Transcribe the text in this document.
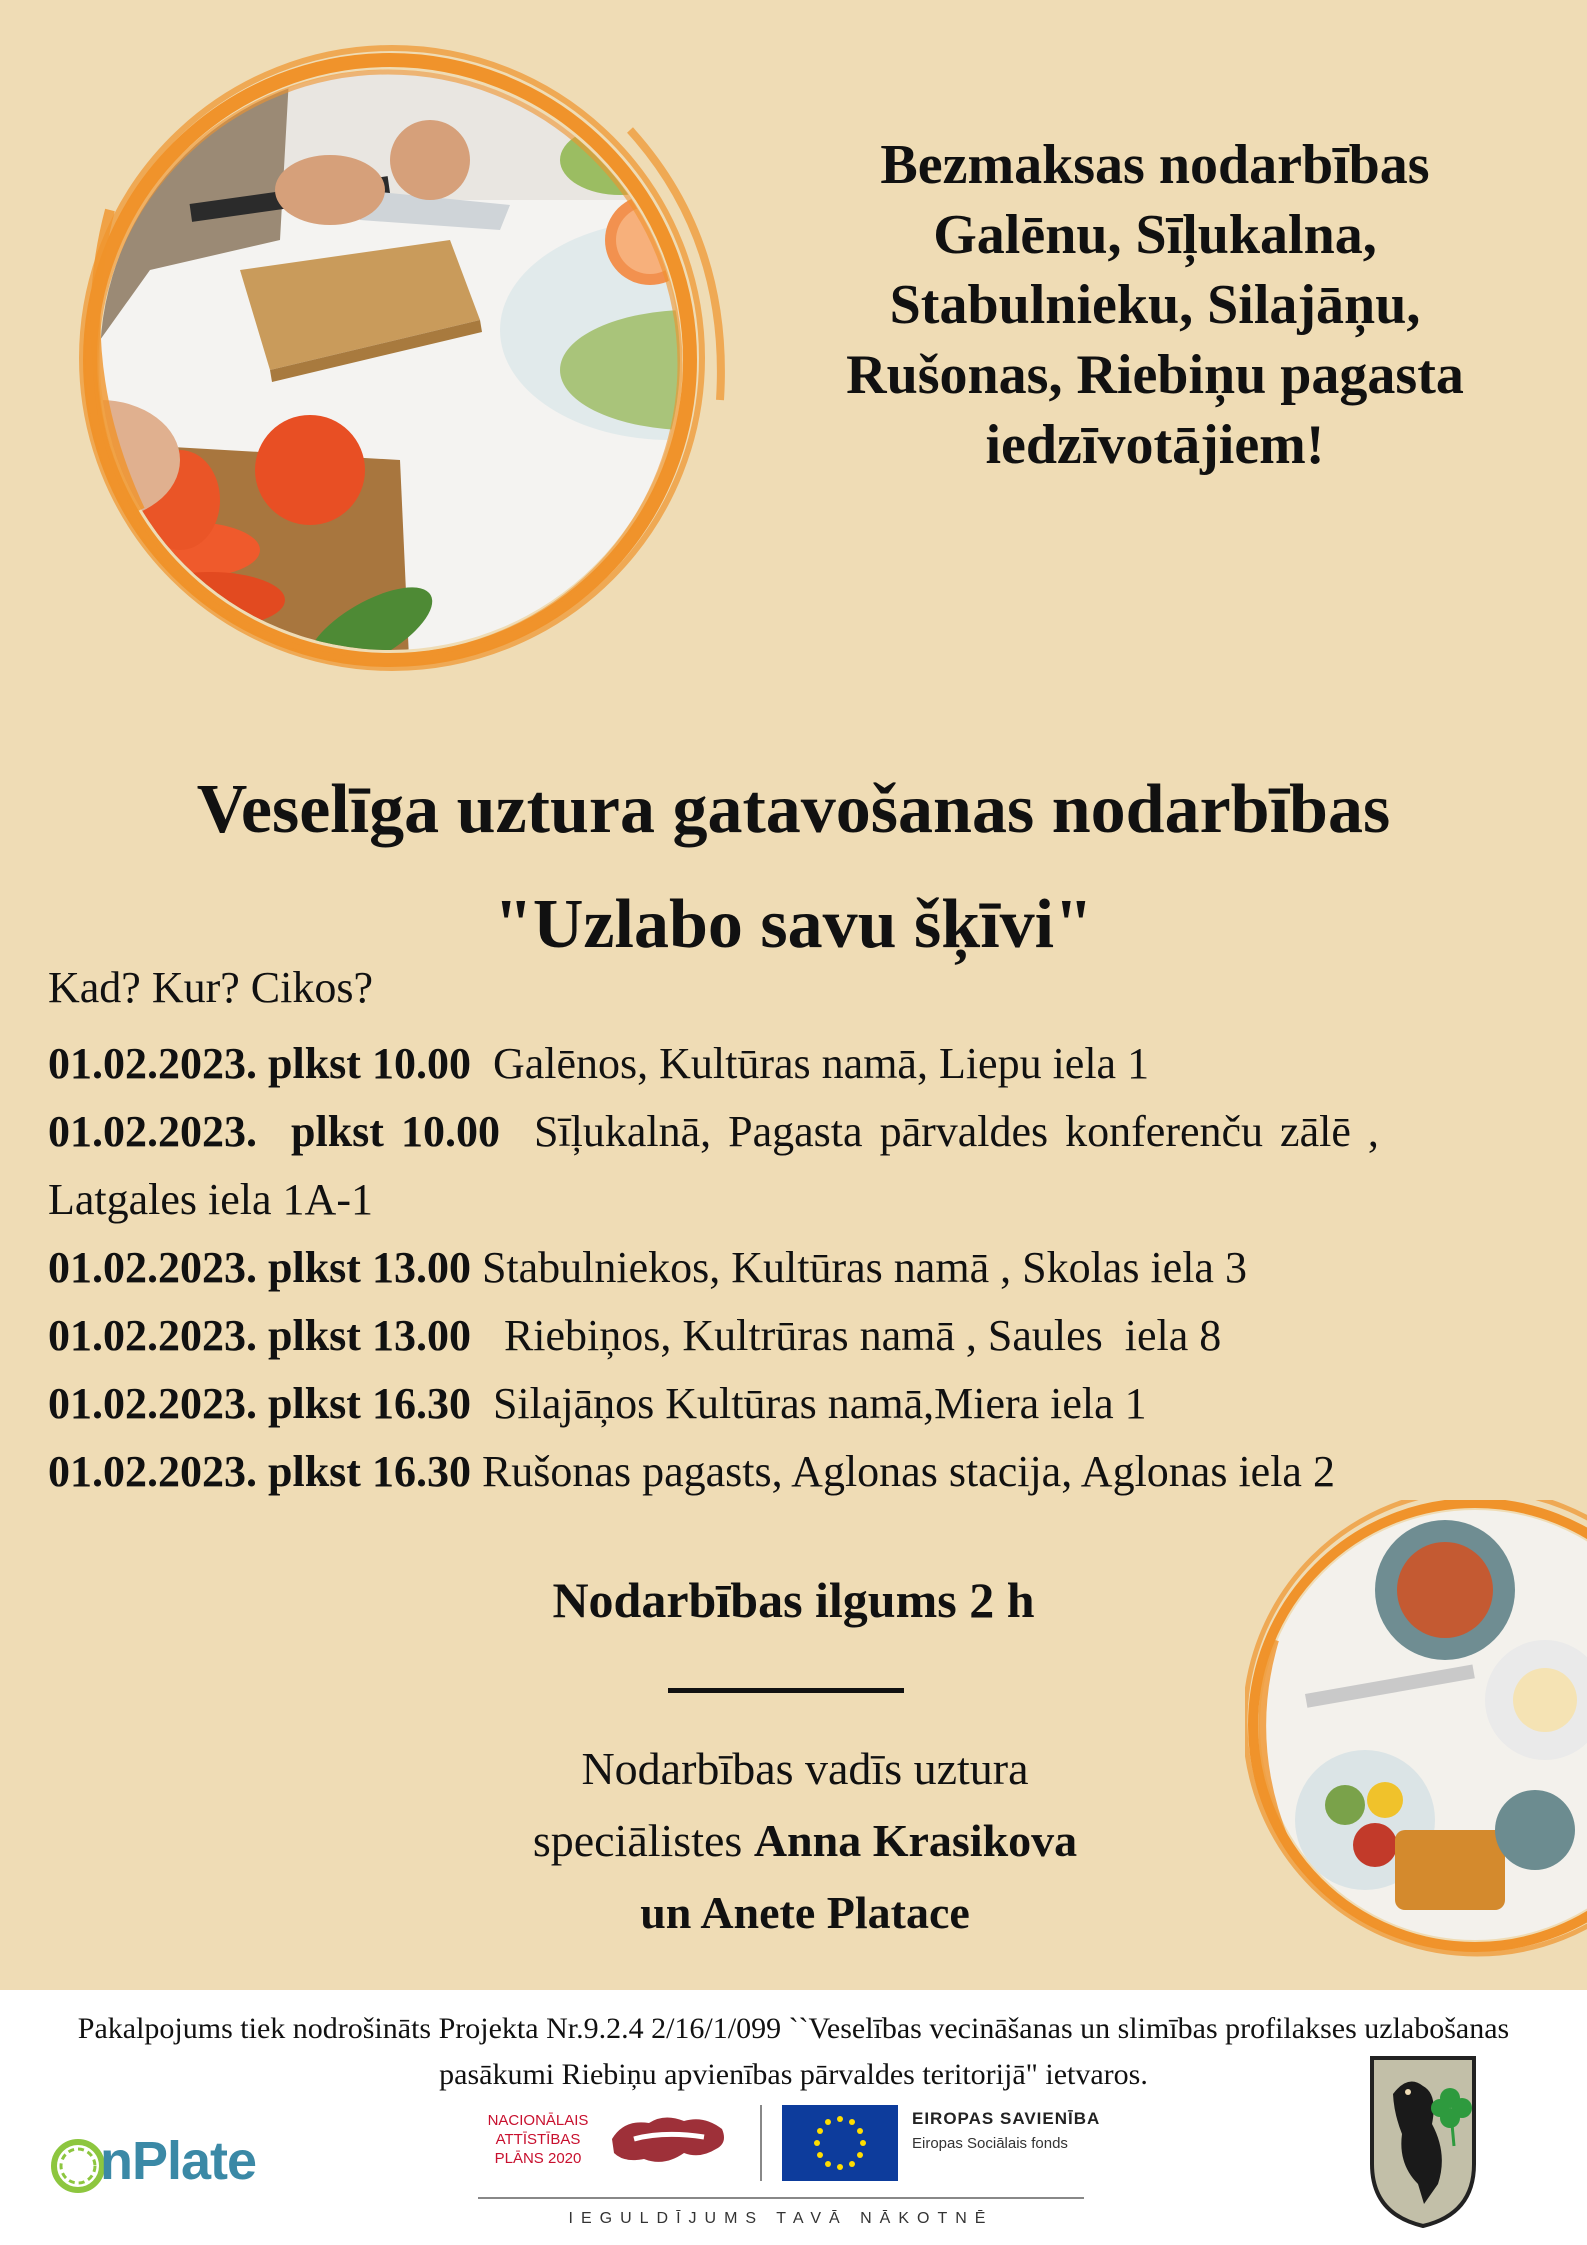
Bezmaksas nodarbības
Galēnu, Sīļukalna,
Stabulnieku, Silajāņu,
Rušonas, Riebiņu pagasta
iedzīvotājiem!
Veselīga uztura gatavošanas nodarbības
"Uzlabo savu šķīvi"
Kad? Kur? Cikos?
01.02.2023. plkst 10.00  Galēnos, Kultūras namā, Liepu iela 1
01.02.2023.  plkst 10.00  Sīļukalnā, Pagasta pārvaldes konferenču zālē ,
Latgales iela 1A-1
01.02.2023. plkst 13.00 Stabulniekos, Kultūras namā , Skolas iela 3
01.02.2023. plkst 13.00   Riebiņos, Kultrūras namā , Saules  iela 8
01.02.2023. plkst 16.30  Silajāņos Kultūras namā,Miera iela 1
01.02.2023. plkst 16.30 Rušonas pagasts, Aglonas stacija, Aglonas iela 2
Nodarbības ilgums 2 h
Nodarbības vadīs uztura
speciālistes Anna Krasikova
un Anete Platace
Pakalpojums tiek nodrošināts Projekta Nr.9.2.4 2/16/1/099 ``Veselības vecināšanas un slimības profilakses uzlabošanas pasākumi Riebiņu apvienības pārvaldes teritorijā" ietvaros.
nPlate
NACIONĀLAIS
ATTĪSTĪBAS
PLĀNS 2020
EIROPAS SAVIENĪBA
Eiropas Sociālais fonds
IEGULDĪJUMS TAVĀ NĀKOTNĒ
